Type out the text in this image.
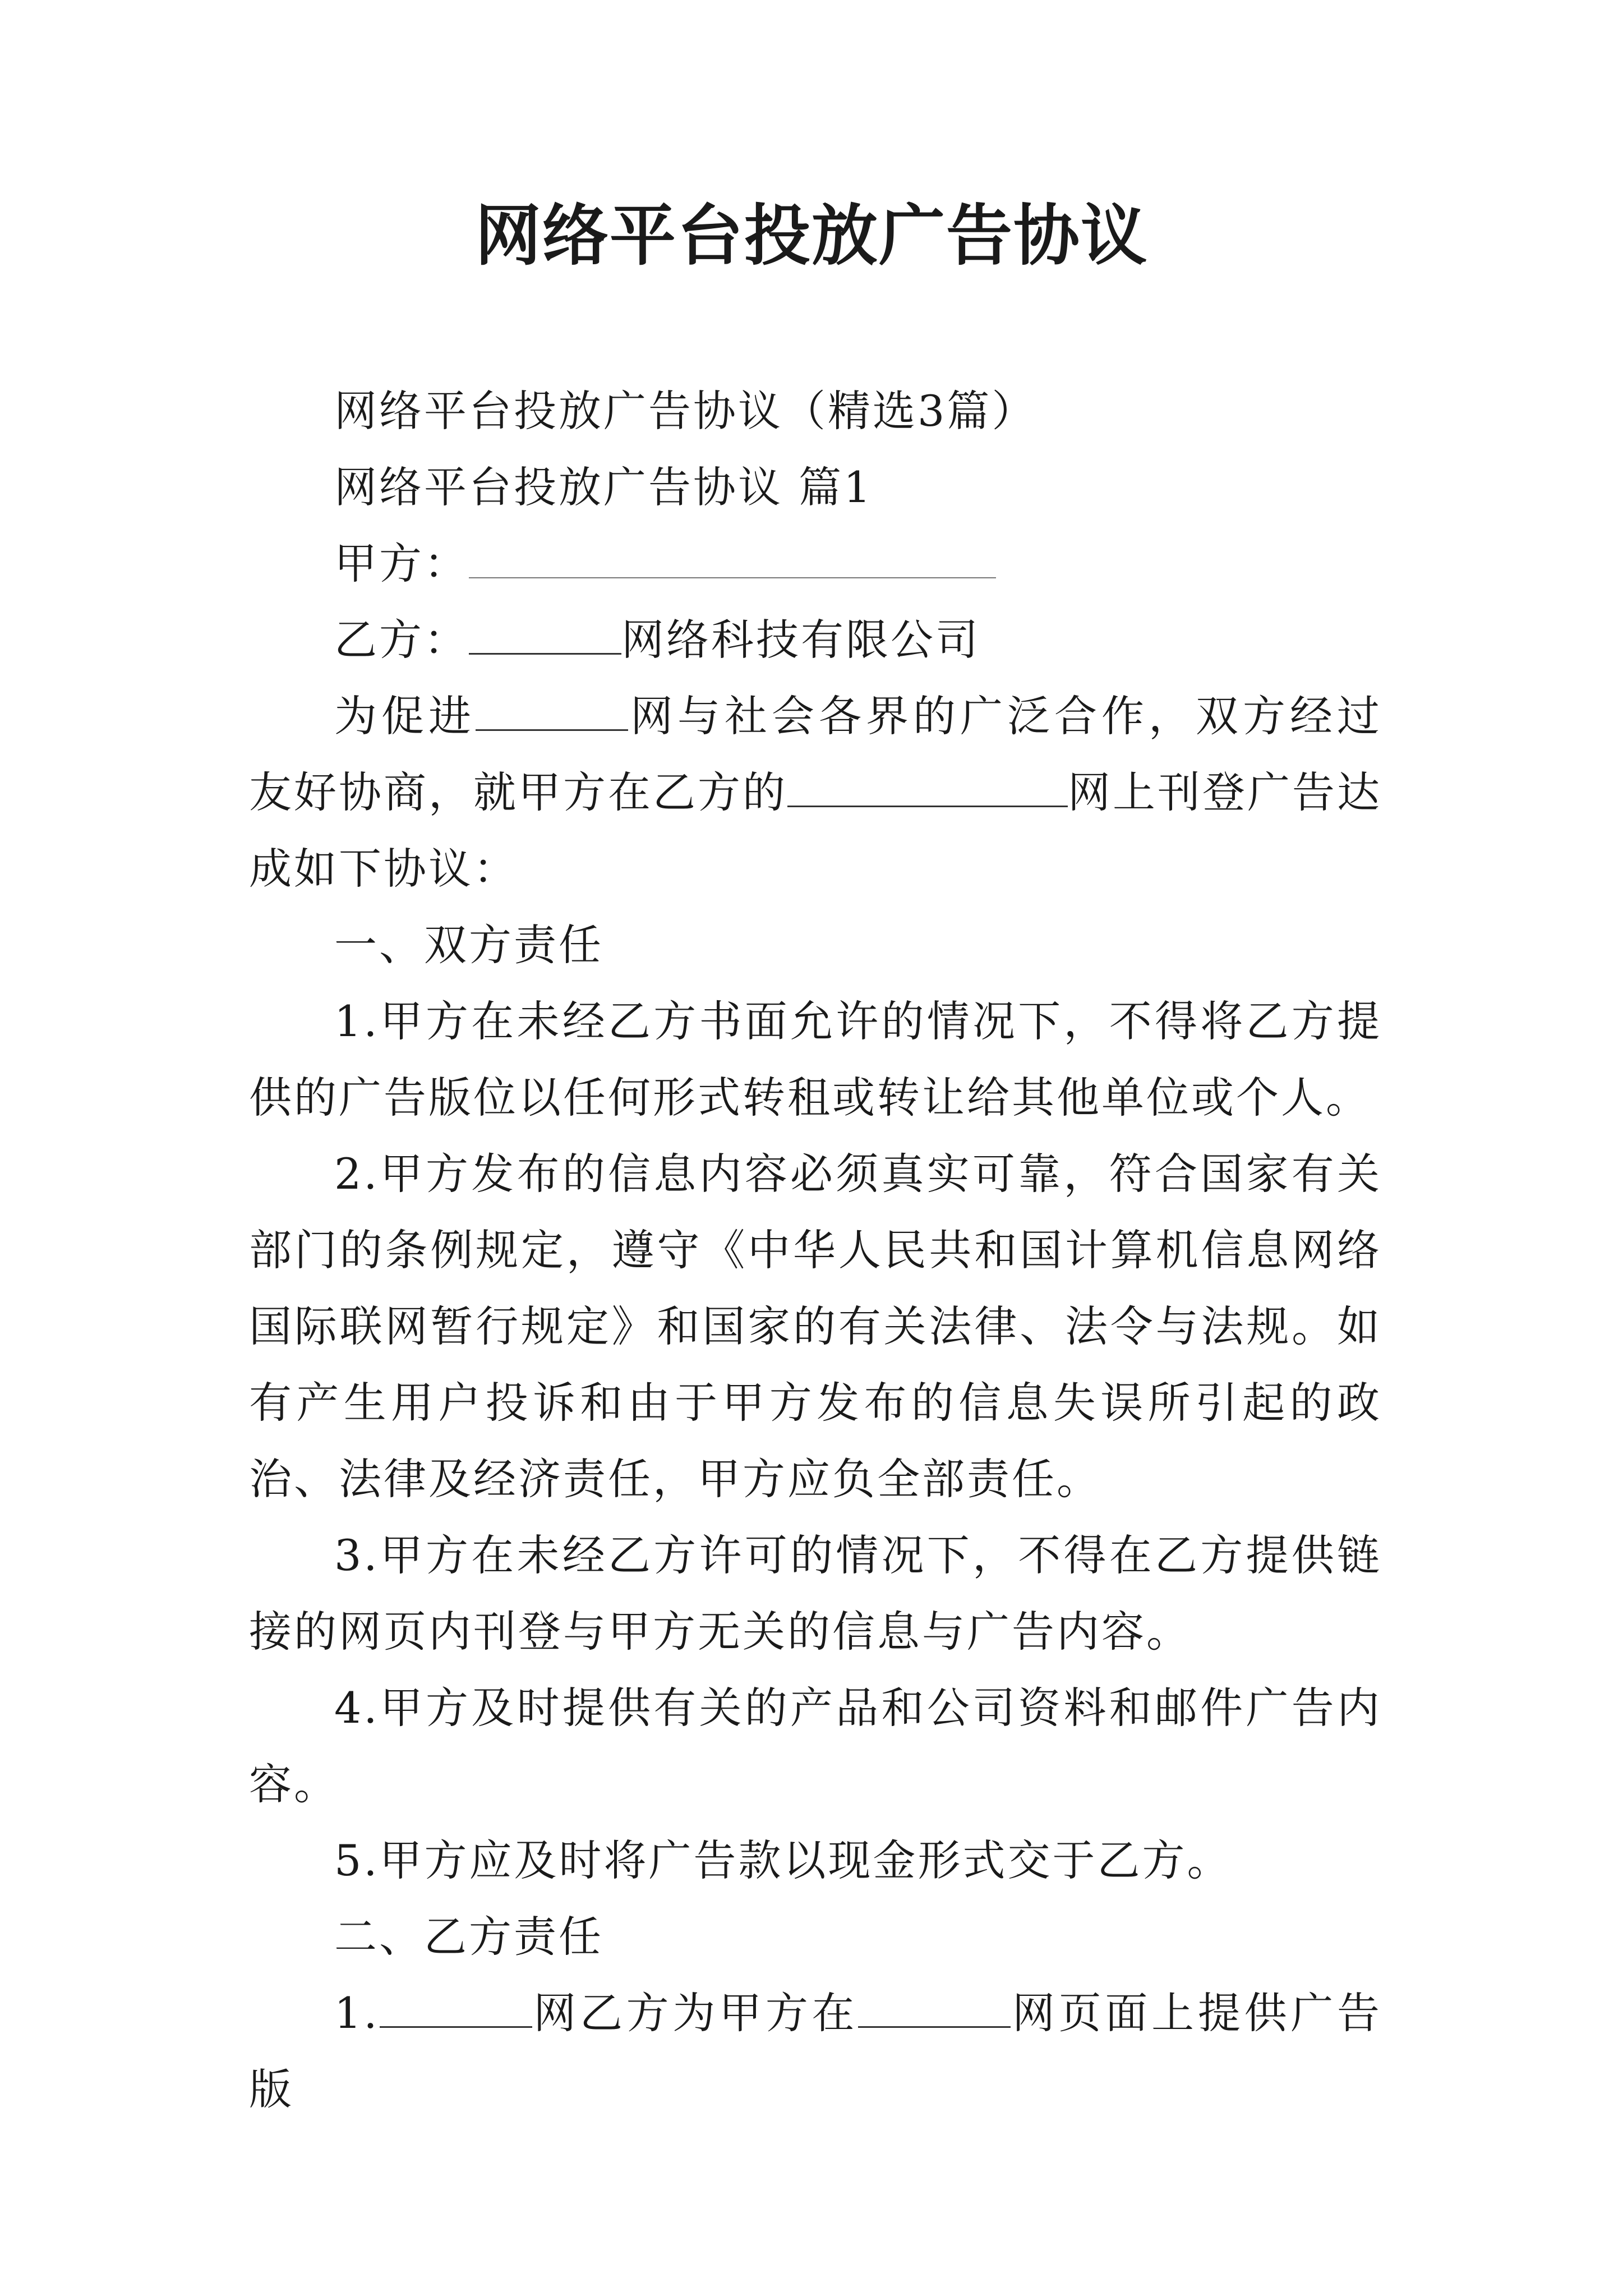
网络平台投放广告协议

网络平台投放广告协议（精选3篇）

网络平台投放广告协议 篇1

甲方：

乙方：	网络科技有限公司

为促进	网与社会各界的广泛合作，双方经过友好协商，就甲方在乙方的	网上刊登广告达成如下协议：

一、双方责任

1.甲方在未经乙方书面允许的情况下，不得将乙方提供的广告版位以任何形式转租或转让给其他单位或个人。

2.甲方发布的信息内容必须真实可靠，符合国家有关部门的条例规定，遵守《中华人民共和国计算机信息网络国际联网暂行规定》和国家的有关法律、法令与法规。如有产生用户投诉和由于甲方发布的信息失误所引起的政治、法律及经济责任，甲方应负全部责任。

3.甲方在未经乙方许可的情况下，不得在乙方提供链接的网页内刊登与甲方无关的信息与广告内容。

4.甲方及时提供有关的产品和公司资料和邮件广告内容。

5.甲方应及时将广告款以现金形式交于乙方。

二、乙方责任

1.	网乙方为甲方在	网页面上提供广告版
